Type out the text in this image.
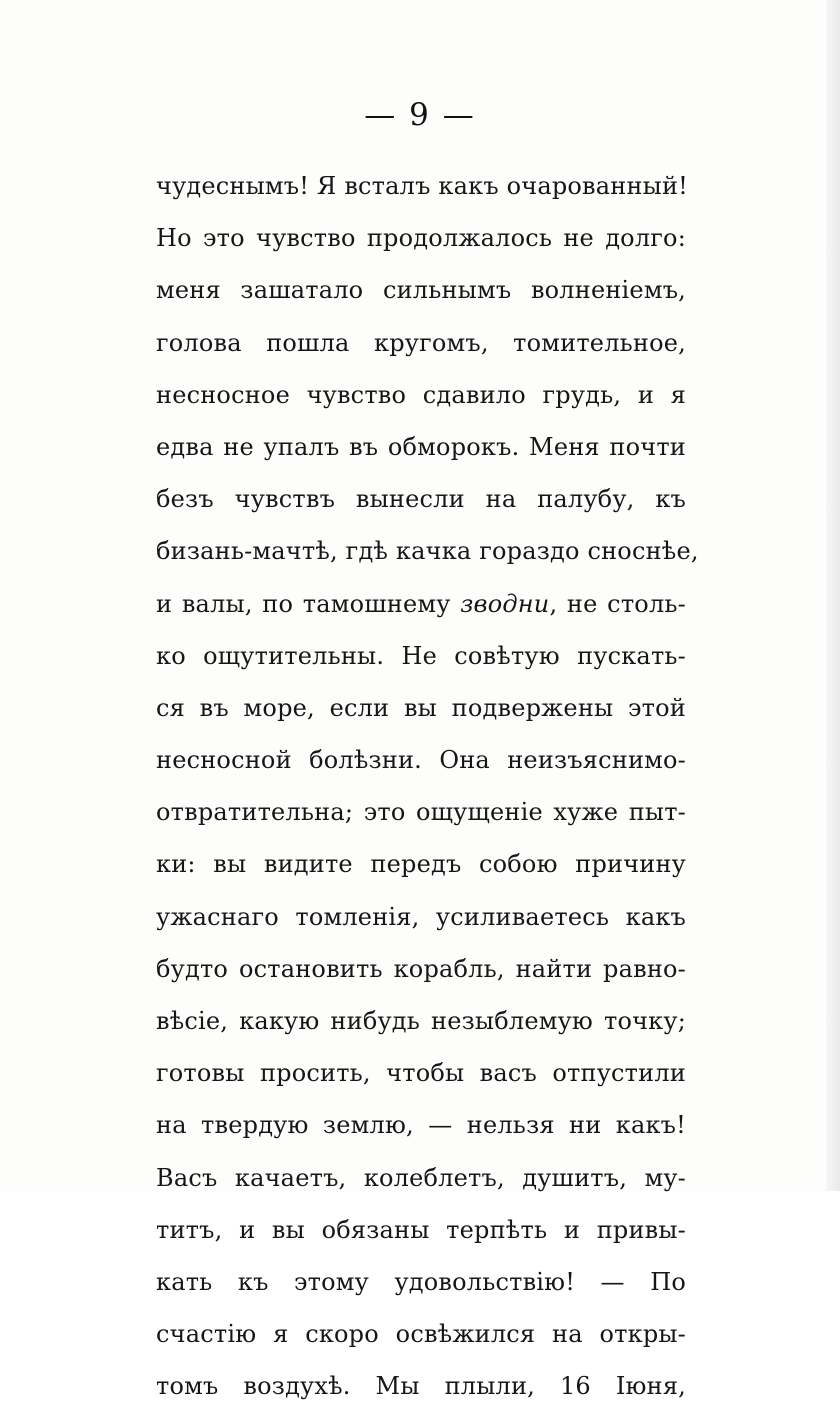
— 9 —
чудеснымъ! Я всталъ какъ очарованный!
Но это чувство продолжалось не долго:
меня зашатало сильнымъ волненіемъ,
голова пошла кругомъ, томительное,
несносное чувство сдавило грудь, и я
едва не упалъ въ обморокъ. Меня почти
безъ чувствъ вынесли на палубу, къ
бизань-мачтѣ, гдѣ качка гораздо сноснѣе,
и валы, по тамошнему зводни, не столь-
ко ощутительны. Не совѣтую пускать-
ся въ море, если вы подвержены этой
несносной болѣзни. Она неизъяснимо-
отвратительна; это ощущеніе хуже пыт-
ки: вы видите передъ собою причину
ужаснаго томленія, усиливаетесь какъ
будто остановить корабль, найти равно-
вѣсіе, какую нибудь незыблемую точку;
готовы просить, чтобы васъ отпустили
на твердую землю, — нельзя ни какъ!
Васъ качаетъ, колеблетъ, душитъ, му-
титъ, и вы обязаны терпѣть и привы-
кать къ этому удовольствію! — По
счастію я скоро освѣжился на откры-
томъ воздухѣ. Мы плыли, 16 Іюня,
